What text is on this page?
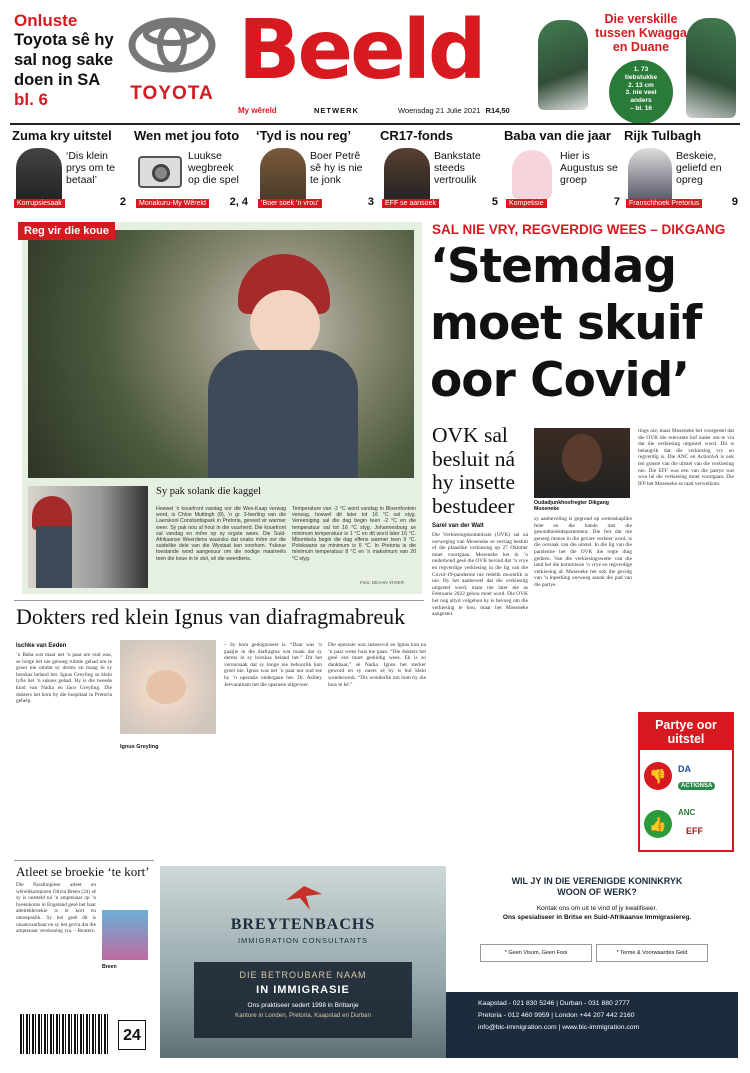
Onluste
Toyota sê hy
sal nog sake
doen in SA
bl. 6	TOYOTA Beeld
My wêreld	NETWERK	Woensdag 21 Julie 2021 R14,50
Die verskille
tussen Kwagga
en Duane
1. 73
tiebstukke
2. 13 cm
3. nie veel
anders
– bl. 16
Zuma kry uitstel
‘Dis klein prys om te betaal’
Korrupsiesaak	2
Wen met jou foto
Luukse wegbreek op die spel
Monakuru-My Wêreld 2, 4
‘Tyd is nou reg’
Boer Petrê sê hy is nie te jonk
‘Boer soek ’n vrou’	3
CR17-fonds
Bankstate steeds vertroulik
EFF se aansoek	5
Baba van die jaar
Hier is Augustus se groep
Kompetisie	7
Rijk Tulbagh
Beskeie, geliefd en opreg
Franschhoek Pretorius	9
Reg vir die koue
Sy pak solank die kaggel
Hoewel ’n kouefront vandag oor die Wes-Kaap verwag word, is Chloe Muttingh (8), ’n gr. 3-leerling van die Laerskool Constantiapark in Pretoria, gereed vir warmer weer. Sy pak nou al hout in die vuurherd. Die kouefront sal vandag en môre op sy ergste wees. Die Suid-Afrikaanse Weerdiens waarsku dat snaks môre oor die suidelike dele van die Wystaat kan voorkom. Yskoue toestande word aangesuur om die nodige maatreëls teen die koue in te stel, sê die weerdiens.
Temperature van -2 °C word vandag in Bloemfontein verwag, hoewel dit later tot 16 °C sal styg. Vereeniging sal die dag begin teen -2 °C en die temperatuur sal tot 16 °C styg. Johannesburg se minimum temperatuur is 1 °C en dit word later 16 °C. Mbombela begin die dag effens warmer teen 9 °C. Polokwane se minimum is 6 °C. In Pretoria is die minimum temperatuur 8 °C en ’n maksimum van 20 °C styg.
Foto: DEAAN VIVIER
SAL NIE VRY, REGVERDIG WEES – DIKGANG
‘Stemdag
moet skuif
oor Covid’
OVK sal
besluit ná
hy insette
bestudeer	Oudadjunkhoofregter Dikgang Moseneke
Sarel van der Walt
Die Verkiesingskommissie (OVK) sal ná oorweging van Moseneke se verslag besluit of die plaaslike verkiesing op 27 Oktober moet voortgaan. Moseneke het in ’n onderhoud gesê die OVK bevind dat ’n vrye en regverdige verkiesing in die lig van die Covid-19-pandemie nie redelik moontlik is nie. Hy het aanbeveel dat die verkiesing uitgestel word, maar nie later nie as Februarie 2022 gehou moet word. Die OVK het nog altyd volgehou hy is bevoeg om die verkiesing te hou, maar het Moseneke aangestel.
sy aanbeveling is gegrond op wetenskaplike feite en die bande met die gesondheidsdepartement. Die feit dat nie genoeg mense in die gevare verkeer word, is die oorsaak van die uitstel. In die lig van die pandemie het die OVK die regte ding gedoen. Van die verkiesingswette van die land het die kommissie ’n vrye en regverdige verkiesing af. Moseneke het ook die gevolg van ’n inperking oorweeg asook die pad van die partye.
rings nie, maar Moseneke het voorgestel dat die OVK die relevante hof nader om te vra dat die verkiesing uitgestel word. Dit is belangrik dat die verkiesing vry en regverdig is. Die ANC en ActionSA is ook ten gunste van die uitstel van die verkiesing nie. Die EFF was een van die partye wat wou hê die verkiesing moet voortgaan. Die IFP het Moseneke se raad verwelkom.
Partye oor
uitstel
👎
👍
DA
ACTIONSA
ANC
EFF
Dokters red klein Ignus van diafragmabreuk
Ischke van Eeden
’n Baba wat maar net ’n paar ure oud was, se longe het nie genoeg ruimte gehad om te groei nie omdat sy derms en maag in sy borskas beland het. Ignus Greyling se klein lyfie het ’n sukses gehad. Hy is die tweede kind van Nadia en Jaco Greyling. Die dokters het hom by die hospitaal in Pretoria gehelp.
Ignus Greyling
– Sy hom gedognoseer is. “Daar was ’n gaatjie in die diafragma wat maak dat sy derms in sy borskas beland het.” Dit het veroorsaak dat sy longe nie behoorlik kon groei nie. Ignus was net ’n paar uur oud toe hy ’n operasie ondergaan het. Dr. Ashley Jeevaratnam het die operasie uitgevoer.
Die operasie was suksesvol en Ignus kon na ’n paar weke huis toe gaan. “Die dokters het gesê ons moet geduldig wees. Ek is so dankbaar,” sê Nadia. Ignus het sterker geword en sy ouers sê hy is hul klein wonderwerk. “Dis wonderlik om hom by die huis te hê.”
Atleet se broekie ‘te kort’
Die Paralimpiese atleet en wêreldkampioen Olivia Breen (24) sê sy is ontsteld ná ’n amptenaar op ’n byeenkoms in Engeland gesê het haar atletiekbroekie is te kort en ontoepaslik. Sy het gesê dit is onaanvaarbaar en sy het gevra dat die amptenaar verskoning vra. – Reuters.
Breen
24
BREYTENBACHS
IMMIGRATION CONSULTANTS
DIE BETROUBARE NAAM
IN IMMIGRASIE
Ons praktiseer sedert 1998 in Brittanje
Kantore in Londen, Pretoria, Kaapstad en Durban
WIL JY IN DIE VERENIGDE KONINKRYK
WOON OF WERK?
Kontak ons om uit te vind of jy kwalifiseer.
Ons spesialiseer in Britse en Suid-Afrikaanse Immigrasiereg.
* Geen Visum, Geen Fooi	* Terme & Voorwaardes Geld
Kaapstad - 021 830 5246 | Durban - 031 880 2777
Pretoria - 012 460 9959 | London +44 207 442 2160
info@bic-immigration.com | www.bic-immigration.com
